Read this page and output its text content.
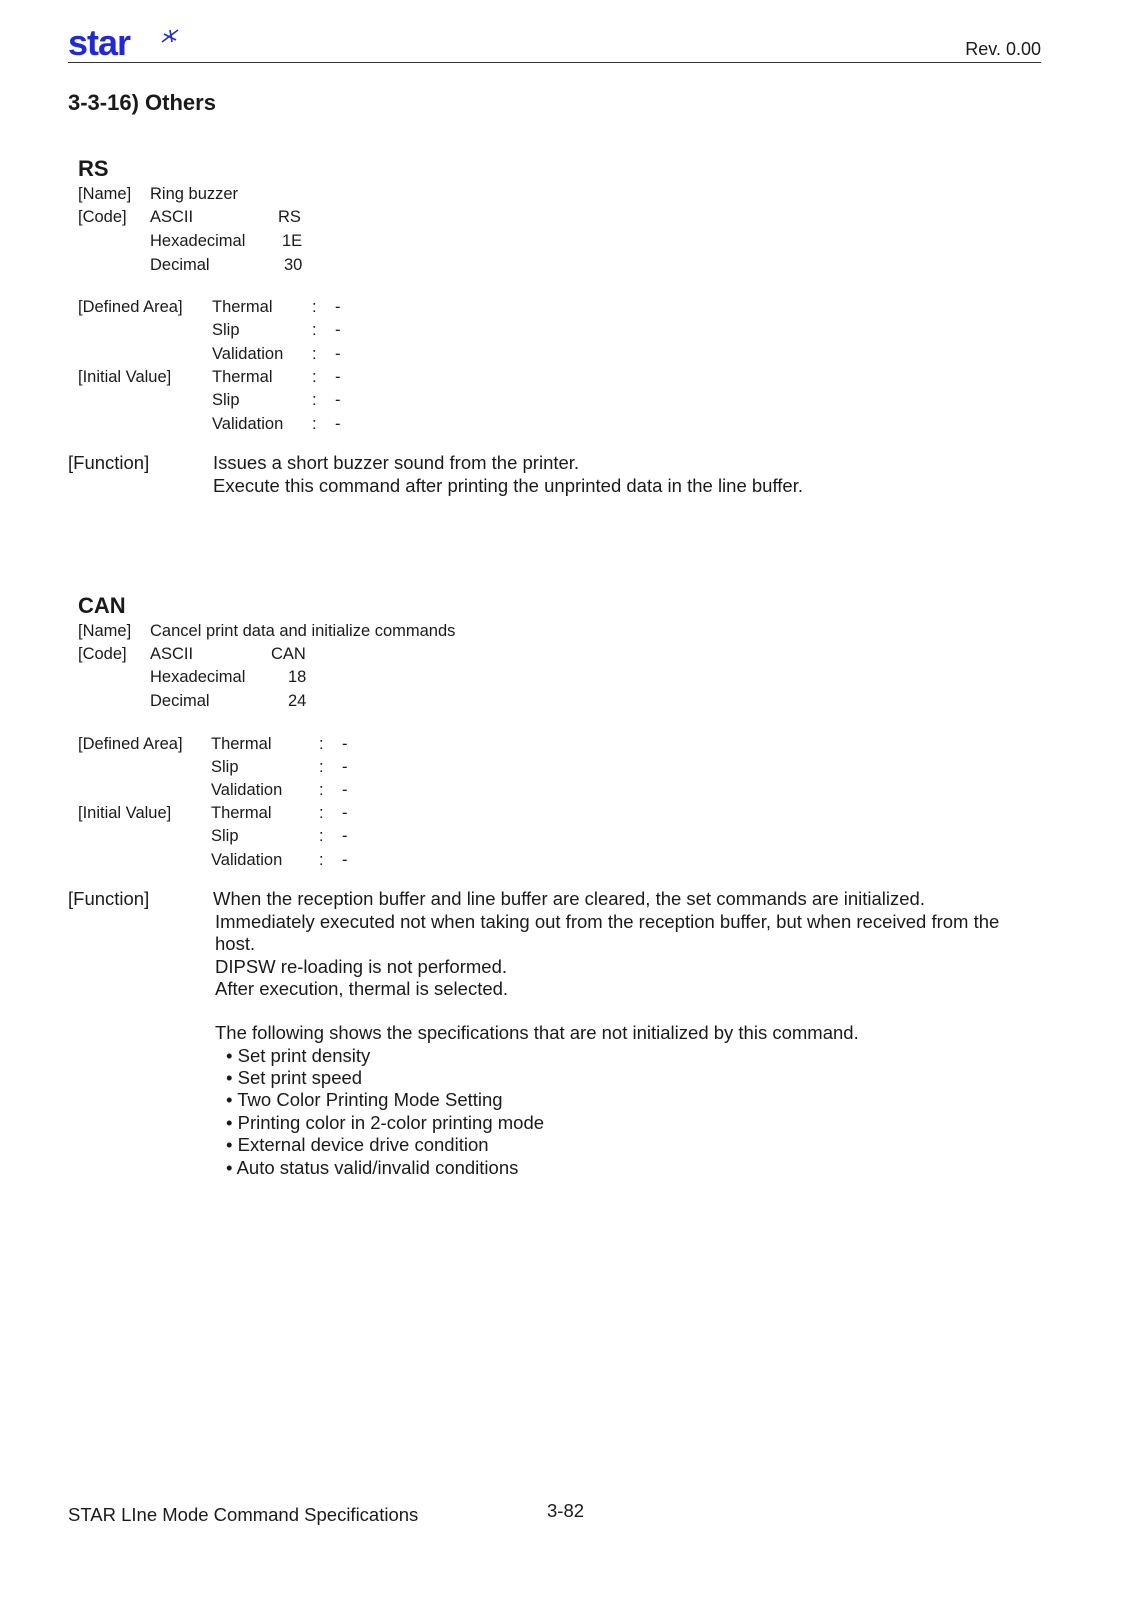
star	Rev. 0.00
3-3-16) Others
RS
[Name] Ring buzzer
[Code] ASCII	RS
Hexadecimal 1E
Decimal	30
[Defined Area] Thermal : -
Slip	: -
Validation : -
[Initial Value] Thermal : -
Slip	: -
Validation : -
[Function]	Issues a short buzzer sound from the printer.
Execute this command after printing the unprinted data in the line buffer.
CAN
[Name] Cancel print data and initialize commands
[Code] ASCII	CAN
Hexadecimal	18
Decimal	24
[Defined Area] Thermal	: -
Slip	: -
Validation : -
[Initial Value] Thermal	: -
Slip	: -
Validation : -
[Function]	When the reception buffer and line buffer are cleared, the set commands are initialized.
Immediately executed not when taking out from the reception buffer, but when received from the
host.
DIPSW re-loading is not performed.
After execution, thermal is selected.
The following shows the specifications that are not initialized by this command.
• Set print density
• Set print speed
• Two Color Printing Mode Setting
• Printing color in 2-color printing mode
• External device drive condition
• Auto status valid/invalid conditions
STAR LIne Mode Command Specifications	3-82
